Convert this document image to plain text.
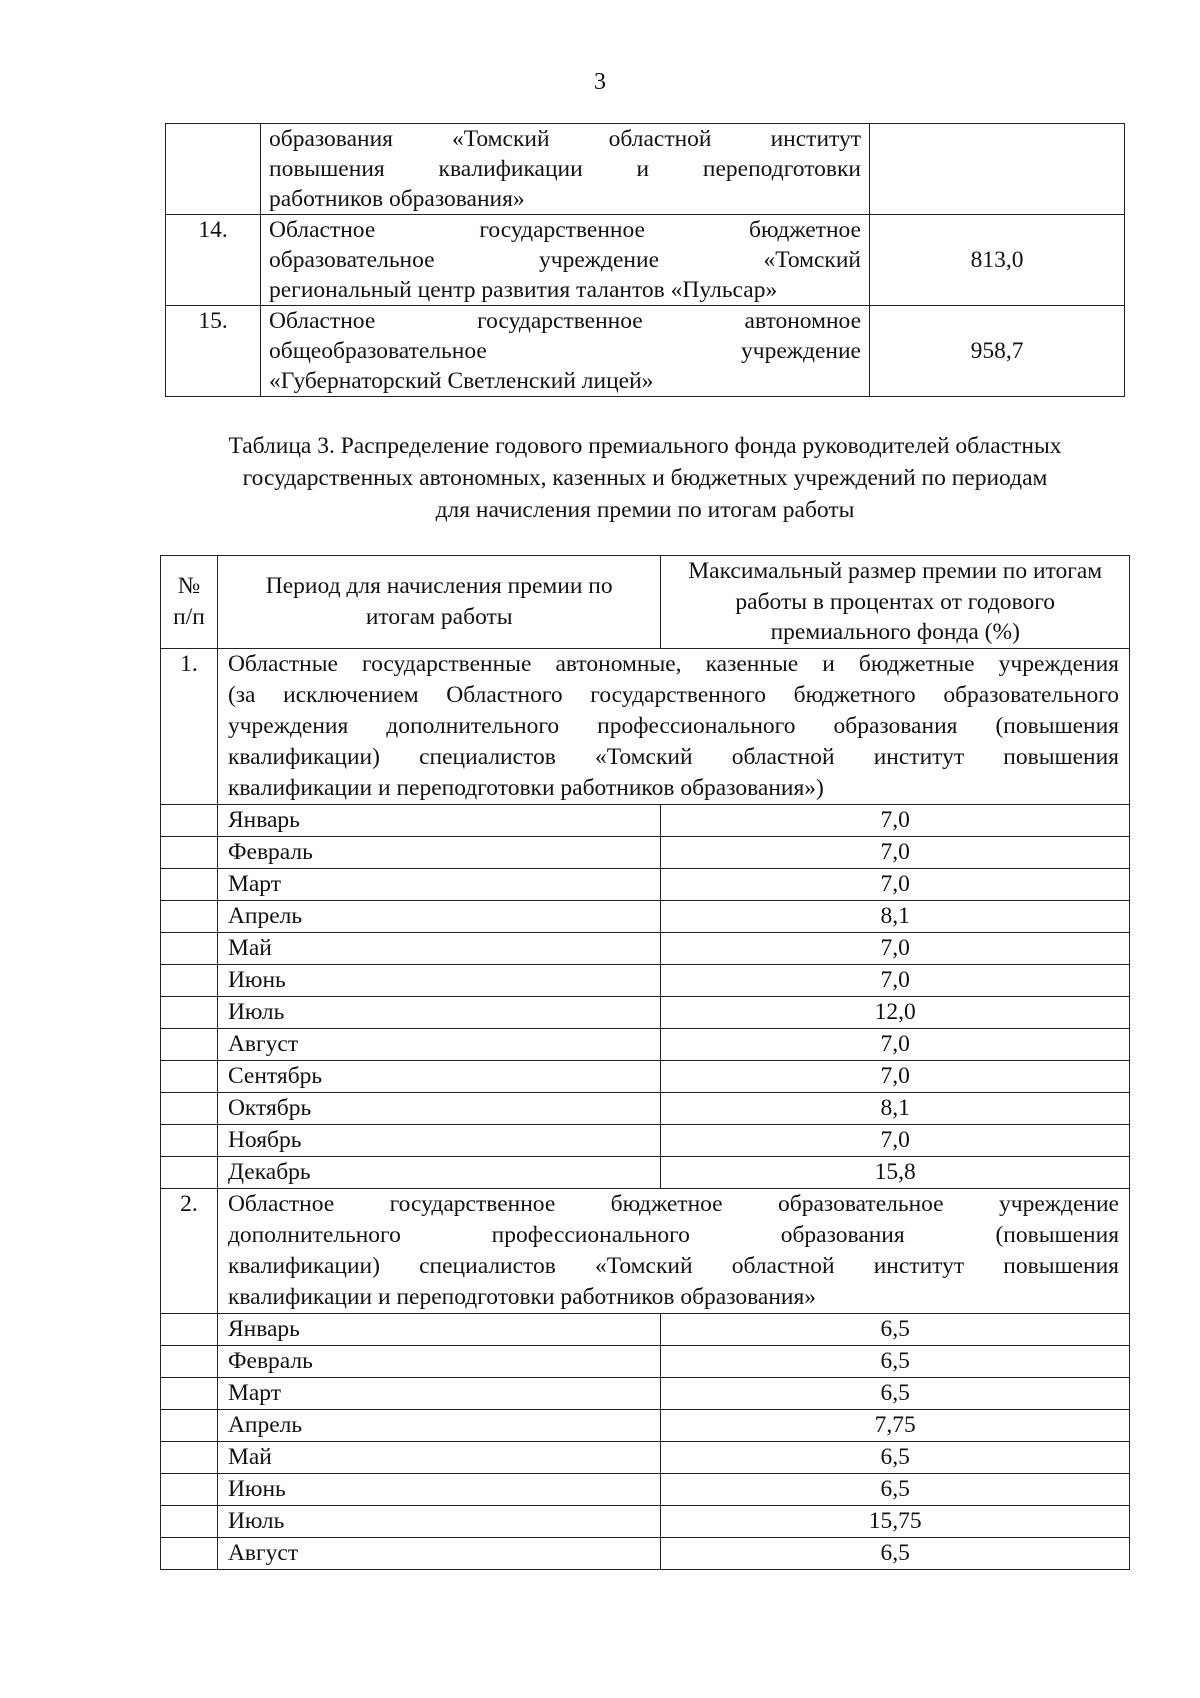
3

	образования «Томский областной институт
повышения квалификации и переподготовки
работников образования»	

14.	Областное государственное бюджетное
образовательное учреждение «Томский
региональный центр развития талантов «Пульсар»	813,0
15.	Областное государственное автономное
общеобразовательное учреждение
«Губернаторский Светленский лицей»	958,7
Таблица 3. Распределение годового премиального фонда руководителей областных
государственных автономных, казенных и бюджетных учреждений по периодам
для начисления премии по итогам работы
№ п/п	Период для начисления премии по итогам работы	Максимальный размер премии по итогам работы в процентах от годового премиального фонда (%)
1.	Областные государственные автономные, казенные и бюджетные учреждения
(за исключением Областного государственного бюджетного образовательного
учреждения дополнительного профессионального образования (повышения
квалификации) специалистов «Томский областной институт повышения
квалификации и переподготовки работников образования»)	

	Январь	7,0
	Февраль	7,0
	Март	7,0
	Апрель	8,1
	Май	7,0
	Июнь	7,0
	Июль	12,0
	Август	7,0
	Сентябрь	7,0
	Октябрь	8,1
	Ноябрь	7,0
	Декабрь	15,8
2.	Областное государственное бюджетное образовательное учреждение
дополнительного профессионального образования (повышения
квалификации) специалистов «Томский областной институт повышения
квалификации и переподготовки работников образования»	

	Январь	6,5
	Февраль	6,5
	Март	6,5
	Апрель	7,75
	Май	6,5
	Июнь	6,5
	Июль	15,75
	Август	6,5
